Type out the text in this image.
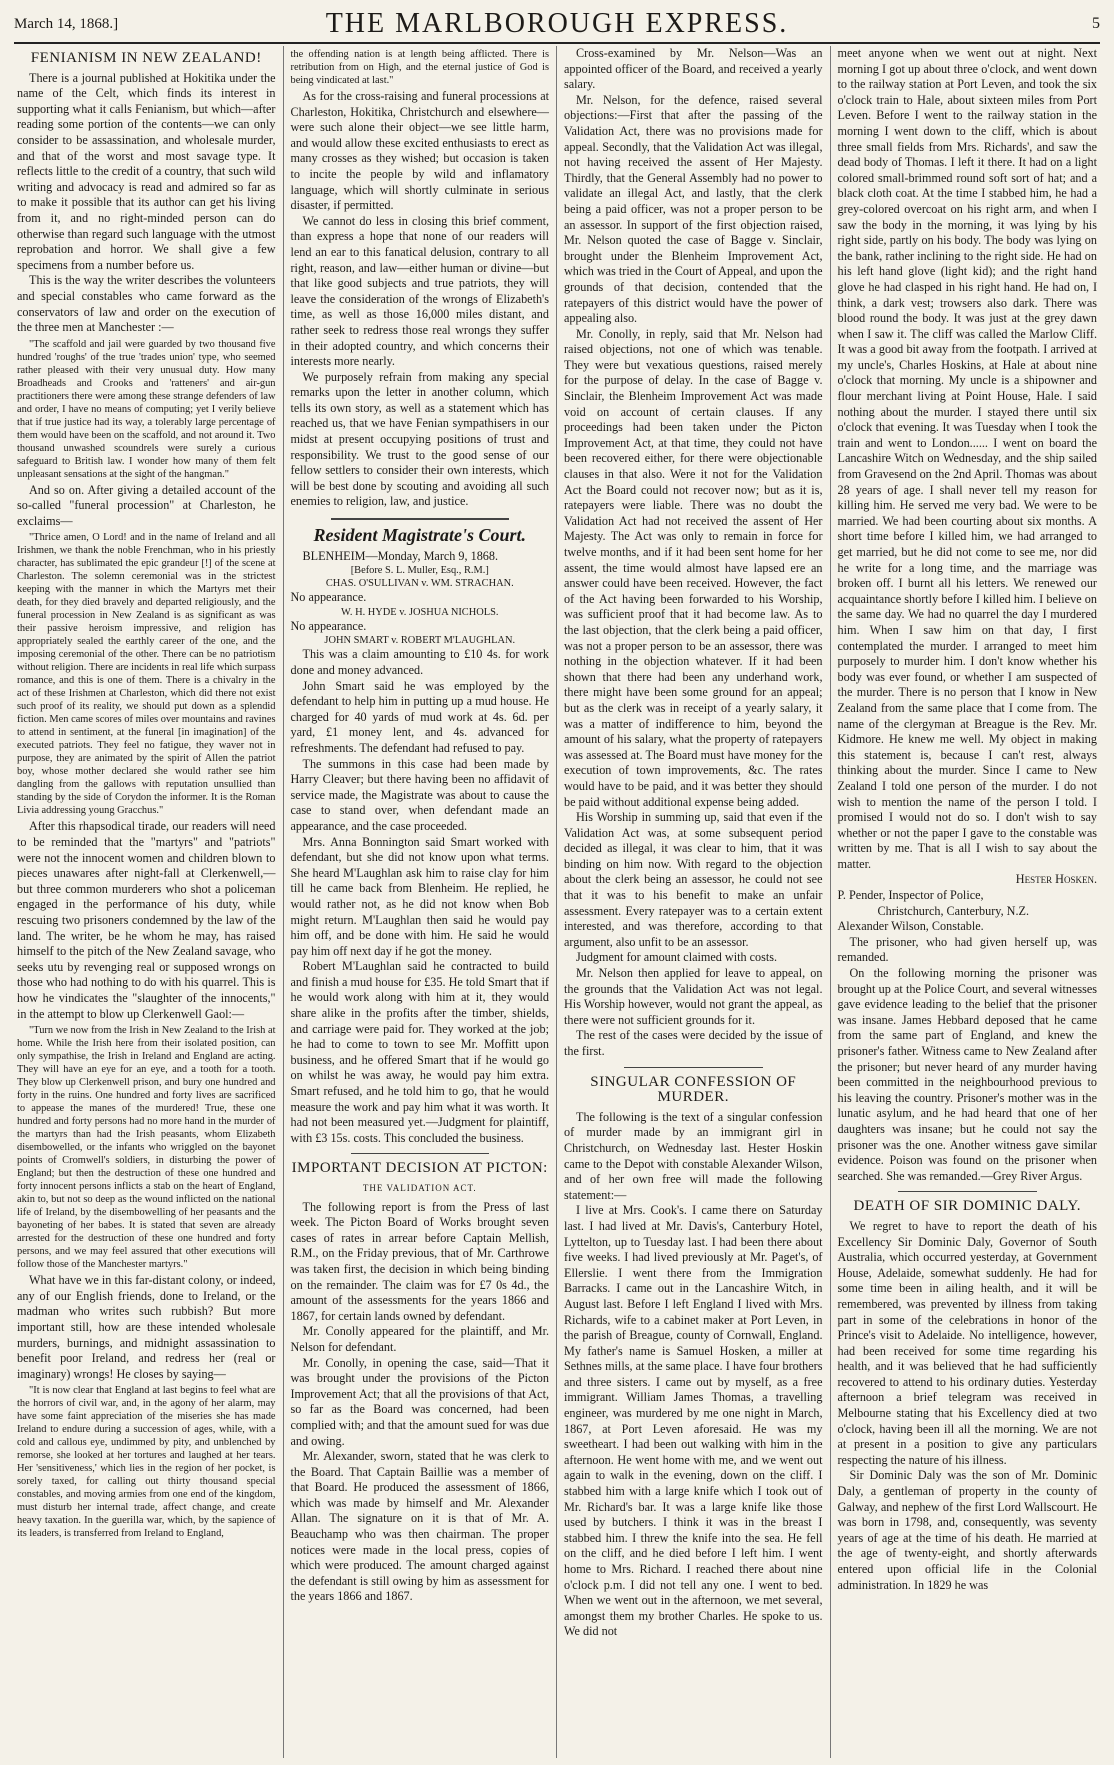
March 14, 1868.]	THE MARLBOROUGH EXPRESS.	5
FENIANISM IN NEW ZEALAND!

There is a journal published at Hokitika under the name of the Celt, which finds its interest in supporting what it calls Fenianism, but which—after reading some portion of the contents—we can only consider to be assassination, and wholesale murder, and that of the worst and most savage type. It reflects little to the credit of a country, that such wild writing and advocacy is read and admired so far as to make it possible that its author can get his living from it, and no right-minded person can do otherwise than regard such language with the utmost reprobation and horror. We shall give a few specimens from a number before us.

This is the way the writer describes the volunteers and special constables who came forward as the conservators of law and order on the execution of the three men at Manchester :—

"The scaffold and jail were guarded by two thousand five hundred 'roughs' of the true 'trades union' type, who seemed rather pleased with their very unusual duty. How many Broadheads and Crooks and 'ratteners' and air-gun practitioners there were among these strange defenders of law and order, I have no means of computing; yet I verily believe that if true justice had its way, a tolerably large percentage of them would have been on the scaffold, and not around it. Two thousand unwashed scoundrels were surely a curious safeguard to British law. I wonder how many of them felt unpleasant sensations at the sight of the hangman."

And so on. After giving a detailed account of the so-called "funeral procession" at Charleston, he exclaims—

"Thrice amen, O Lord! and in the name of Ireland and all Irishmen, we thank the noble Frenchman, who in his priestly character, has sublimated the epic grandeur [!] of the scene at Charleston. The solemn ceremonial was in the strictest keeping with the manner in which the Martyrs met their death, for they died bravely and departed religiously, and the funeral procession in New Zealand is as significant as was their passive heroism impressive, and religion has appropriately sealed the earthly career of the one, and the imposing ceremonial of the other. There can be no patriotism without religion. There are incidents in real life which surpass romance, and this is one of them. There is a chivalry in the act of these Irishmen at Charleston, which did there not exist such proof of its reality, we should put down as a splendid fiction. Men came scores of miles over mountains and ravines to attend in sentiment, at the funeral [in imagination] of the executed patriots. They feel no fatigue, they waver not in purpose, they are animated by the spirit of Allen the patriot boy, whose mother declared she would rather see him dangling from the gallows with reputation unsullied than standing by the side of Corydon the informer. It is the Roman Livia addressing young Gracchus."

After this rhapsodical tirade, our readers will need to be reminded that the "martyrs" and "patriots" were not the innocent women and children blown to pieces unawares after night-fall at Clerkenwell,—but three common murderers who shot a policeman engaged in the performance of his duty, while rescuing two prisoners condemned by the law of the land. The writer, be he whom he may, has raised himself to the pitch of the New Zealand savage, who seeks utu by revenging real or supposed wrongs on those who had nothing to do with his quarrel. This is how he vindicates the "slaughter of the innocents," in the attempt to blow up Clerkenwell Gaol:—

"Turn we now from the Irish in New Zealand to the Irish at home. While the Irish here from their isolated position, can only sympathise, the Irish in Ireland and England are acting. They will have an eye for an eye, and a tooth for a tooth. They blow up Clerkenwell prison, and bury one hundred and forty in the ruins. One hundred and forty lives are sacrificed to appease the manes of the murdered! True, these one hundred and forty persons had no more hand in the murder of the martyrs than had the Irish peasants, whom Elizabeth disembowelled, or the infants who wriggled on the bayonet points of Cromwell's soldiers, in disturbing the power of England; but then the destruction of these one hundred and forty innocent persons inflicts a stab on the heart of England, akin to, but not so deep as the wound inflicted on the national life of Ireland, by the disembowelling of her peasants and the bayoneting of her babes. It is stated that seven are already arrested for the destruction of these one hundred and forty persons, and we may feel assured that other executions will follow those of the Manchester martyrs."

What have we in this far-distant colony, or indeed, any of our English friends, done to Ireland, or the madman who writes such rubbish? But more important still, how are these intended wholesale murders, burnings, and midnight assassination to benefit poor Ireland, and redress her (real or imaginary) wrongs! He closes by saying—

"It is now clear that England at last begins to feel what are the horrors of civil war, and, in the agony of her alarm, may have some faint appreciation of the miseries she has made Ireland to endure during a succession of ages, while, with a cold and callous eye, undimmed by pity, and unblenched by remorse, she looked at her tortures and laughed at her tears. Her 'sensitiveness,' which lies in the region of her pocket, is sorely taxed, for calling out thirty thousand special constables, and moving armies from one end of the kingdom, must disturb her internal trade, affect change, and create heavy taxation. In the guerilla war, which, by the sapience of its leaders, is transferred from Ireland to England,

the offending nation is at length being afflicted. There is retribution from on High, and the eternal justice of God is being vindicated at last."

As for the cross-raising and funeral processions at Charleston, Hokitika, Christchurch and elsewhere—were such alone their object—we see little harm, and would allow these excited enthusiasts to erect as many crosses as they wished; but occasion is taken to incite the people by wild and inflamatory language, which will shortly culminate in serious disaster, if permitted.

We cannot do less in closing this brief comment, than express a hope that none of our readers will lend an ear to this fanatical delusion, contrary to all right, reason, and law—either human or divine—but that like good subjects and true patriots, they will leave the consideration of the wrongs of Elizabeth's time, as well as those 16,000 miles distant, and rather seek to redress those real wrongs they suffer in their adopted country, and which concerns their interests more nearly.

We purposely refrain from making any special remarks upon the letter in another column, which tells its own story, as well as a statement which has reached us, that we have Fenian sympathisers in our midst at present occupying positions of trust and responsibility. We trust to the good sense of our fellow settlers to consider their own interests, which will be best done by scouting and avoiding all such enemies to religion, law, and justice.

Resident Magistrate's Court.

BLENHEIM—Monday, March 9, 1868.

[Before S. L. Muller, Esq., R.M.]

CHAS. O'SULLIVAN v. WM. STRACHAN.

No appearance.

W. H. HYDE v. JOSHUA NICHOLS.

No appearance.

JOHN SMART v. ROBERT M'LAUGHLAN.

This was a claim amounting to £10 4s. for work done and money advanced.

John Smart said he was employed by the defendant to help him in putting up a mud house. He charged for 40 yards of mud work at 4s. 6d. per yard, £1 money lent, and 4s. advanced for refreshments. The defendant had refused to pay.

The summons in this case had been made by Harry Cleaver; but there having been no affidavit of service made, the Magistrate was about to cause the case to stand over, when defendant made an appearance, and the case proceeded.

Mrs. Anna Bonnington said Smart worked with defendant, but she did not know upon what terms. She heard M'Laughlan ask him to raise clay for him till he came back from Blenheim. He replied, he would rather not, as he did not know when Bob might return. M'Laughlan then said he would pay him off, and be done with him. He said he would pay him off next day if he got the money.

Robert M'Laughlan said he contracted to build and finish a mud house for £35. He told Smart that if he would work along with him at it, they would share alike in the profits after the timber, shields, and carriage were paid for. They worked at the job; he had to come to town to see Mr. Moffitt upon business, and he offered Smart that if he would go on whilst he was away, he would pay him extra. Smart refused, and he told him to go, that he would measure the work and pay him what it was worth. It had not been measured yet.—Judgment for plaintiff, with £3 15s. costs. This concluded the business.

IMPORTANT DECISION AT PICTON:
THE VALIDATION ACT.

The following report is from the Press of last week. The Picton Board of Works brought seven cases of rates in arrear before Captain Mellish, R.M., on the Friday previous, that of Mr. Carthrowe was taken first, the decision in which being binding on the remainder. The claim was for £7 0s 4d., the amount of the assessments for the years 1866 and 1867, for certain lands owned by defendant.

Mr. Conolly appeared for the plaintiff, and Mr. Nelson for defendant.

Mr. Conolly, in opening the case, said—That it was brought under the provisions of the Picton Improvement Act; that all the provisions of that Act, so far as the Board was concerned, had been complied with; and that the amount sued for was due and owing.

Mr. Alexander, sworn, stated that he was clerk to the Board. That Captain Baillie was a member of that Board. He produced the assessment of 1866, which was made by himself and Mr. Alexander Allan. The signature on it is that of Mr. A. Beauchamp who was then chairman. The proper notices were made in the local press, copies of which were produced. The amount charged against the defendant is still owing by him as assessment for the years 1866 and 1867.

Cross-examined by Mr. Nelson—Was an appointed officer of the Board, and received a yearly salary.

Mr. Nelson, for the defence, raised several objections:—First that after the passing of the Validation Act, there was no provisions made for appeal. Secondly, that the Validation Act was illegal, not having received the assent of Her Majesty. Thirdly, that the General Assembly had no power to validate an illegal Act, and lastly, that the clerk being a paid officer, was not a proper person to be an assessor. In support of the first objection raised, Mr. Nelson quoted the case of Bagge v. Sinclair, brought under the Blenheim Improvement Act, which was tried in the Court of Appeal, and upon the grounds of that decision, contended that the ratepayers of this district would have the power of appealing also.

Mr. Conolly, in reply, said that Mr. Nelson had raised objections, not one of which was tenable. They were but vexatious questions, raised merely for the purpose of delay. In the case of Bagge v. Sinclair, the Blenheim Improvement Act was made void on account of certain clauses. If any proceedings had been taken under the Picton Improvement Act, at that time, they could not have been recovered either, for there were objectionable clauses in that also. Were it not for the Validation Act the Board could not recover now; but as it is, ratepayers were liable. There was no doubt the Validation Act had not received the assent of Her Majesty. The Act was only to remain in force for twelve months, and if it had been sent home for her assent, the time would almost have lapsed ere an answer could have been received. However, the fact of the Act having been forwarded to his Worship, was sufficient proof that it had become law. As to the last objection, that the clerk being a paid officer, was not a proper person to be an assessor, there was nothing in the objection whatever. If it had been shown that there had been any underhand work, there might have been some ground for an appeal; but as the clerk was in receipt of a yearly salary, it was a matter of indifference to him, beyond the amount of his salary, what the property of ratepayers was assessed at. The Board must have money for the execution of town improvements, &c. The rates would have to be paid, and it was better they should be paid without additional expense being added.

His Worship in summing up, said that even if the Validation Act was, at some subsequent period decided as illegal, it was clear to him, that it was binding on him now. With regard to the objection about the clerk being an assessor, he could not see that it was to his benefit to make an unfair assessment. Every ratepayer was to a certain extent interested, and was therefore, according to that argument, also unfit to be an assessor.

Judgment for amount claimed with costs.

Mr. Nelson then applied for leave to appeal, on the grounds that the Validation Act was not legal. His Worship however, would not grant the appeal, as there were not sufficient grounds for it.

The rest of the cases were decided by the issue of the first.

SINGULAR CONFESSION OF MURDER.

The following is the text of a singular confession of murder made by an immigrant girl in Christchurch, on Wednesday last. Hester Hoskin came to the Depot with constable Alexander Wilson, and of her own free will made the following statement:—

I live at Mrs. Cook's. I came there on Saturday last. I had lived at Mr. Davis's, Canterbury Hotel, Lyttelton, up to Tuesday last. I had been there about five weeks. I had lived previously at Mr. Paget's, of Ellerslie. I went there from the Immigration Barracks. I came out in the Lancashire Witch, in August last. Before I left England I lived with Mrs. Richards, wife to a cabinet maker at Port Leven, in the parish of Breague, county of Cornwall, England. My father's name is Samuel Hosken, a miller at Sethnes mills, at the same place. I have four brothers and three sisters. I came out by myself, as a free immigrant. William James Thomas, a travelling engineer, was murdered by me one night in March, 1867, at Port Leven aforesaid. He was my sweetheart. I had been out walking with him in the afternoon. He went home with me, and we went out again to walk in the evening, down on the cliff. I stabbed him with a large knife which I took out of Mr. Richard's bar. It was a large knife like those used by butchers. I think it was in the breast I stabbed him. I threw the knife into the sea. He fell on the cliff, and he died before I left him. I went home to Mrs. Richard. I reached there about nine o'clock p.m. I did not tell any one. I went to bed. When we went out in the afternoon, we met several, amongst them my brother Charles. He spoke to us. We did not

meet anyone when we went out at night. Next morning I got up about three o'clock, and went down to the railway station at Port Leven, and took the six o'clock train to Hale, about sixteen miles from Port Leven. Before I went to the railway station in the morning I went down to the cliff, which is about three small fields from Mrs. Richards', and saw the dead body of Thomas. I left it there. It had on a light colored small-brimmed round soft sort of hat; and a black cloth coat. At the time I stabbed him, he had a grey-colored overcoat on his right arm, and when I saw the body in the morning, it was lying by his right side, partly on his body. The body was lying on the bank, rather inclining to the right side. He had on his left hand glove (light kid); and the right hand glove he had clasped in his right hand. He had on, I think, a dark vest; trowsers also dark. There was blood round the body. It was just at the grey dawn when I saw it. The cliff was called the Marlow Cliff. It was a good bit away from the footpath. I arrived at my uncle's, Charles Hoskins, at Hale at about nine o'clock that morning. My uncle is a shipowner and flour merchant living at Point House, Hale. I said nothing about the murder. I stayed there until six o'clock that evening. It was Tuesday when I took the train and went to London...... I went on board the Lancashire Witch on Wednesday, and the ship sailed from Gravesend on the 2nd April. Thomas was about 28 years of age. I shall never tell my reason for killing him. He served me very bad. We were to be married. We had been courting about six months. A short time before I killed him, we had arranged to get married, but he did not come to see me, nor did he write for a long time, and the marriage was broken off. I burnt all his letters. We renewed our acquaintance shortly before I killed him. I believe on the same day. We had no quarrel the day I murdered him. When I saw him on that day, I first contemplated the murder. I arranged to meet him purposely to murder him. I don't know whether his body was ever found, or whether I am suspected of the murder. There is no person that I know in New Zealand from the same place that I come from. The name of the clergyman at Breague is the Rev. Mr. Kidmore. He knew me well. My object in making this statement is, because I can't rest, always thinking about the murder. Since I came to New Zealand I told one person of the murder. I do not wish to mention the name of the person I told. I promised I would not do so. I don't wish to say whether or not the paper I gave to the constable was written by me. That is all I wish to say about the matter.

Hester Hosken.

P. Pender, Inspector of Police,

Christchurch, Canterbury, N.Z.

Alexander Wilson, Constable.

The prisoner, who had given herself up, was remanded.

On the following morning the prisoner was brought up at the Police Court, and several witnesses gave evidence leading to the belief that the prisoner was insane. James Hebbard deposed that he came from the same part of England, and knew the prisoner's father. Witness came to New Zealand after the prisoner; but never heard of any murder having been committed in the neighbourhood previous to his leaving the country. Prisoner's mother was in the lunatic asylum, and he had heard that one of her daughters was insane; but he could not say the prisoner was the one. Another witness gave similar evidence. Poison was found on the prisoner when searched. She was remanded.—Grey River Argus.

DEATH OF SIR DOMINIC DALY.

We regret to have to report the death of his Excellency Sir Dominic Daly, Governor of South Australia, which occurred yesterday, at Government House, Adelaide, somewhat suddenly. He had for some time been in ailing health, and it will be remembered, was prevented by illness from taking part in some of the celebrations in honor of the Prince's visit to Adelaide. No intelligence, however, had been received for some time regarding his health, and it was believed that he had sufficiently recovered to attend to his ordinary duties. Yesterday afternoon a brief telegram was received in Melbourne stating that his Excellency died at two o'clock, having been ill all the morning. We are not at present in a position to give any particulars respecting the nature of his illness.

Sir Dominic Daly was the son of Mr. Dominic Daly, a gentleman of property in the county of Galway, and nephew of the first Lord Wallscourt. He was born in 1798, and, consequently, was seventy years of age at the time of his death. He married at the age of twenty-eight, and shortly afterwards entered upon official life in the Colonial administration. In 1829 he was
